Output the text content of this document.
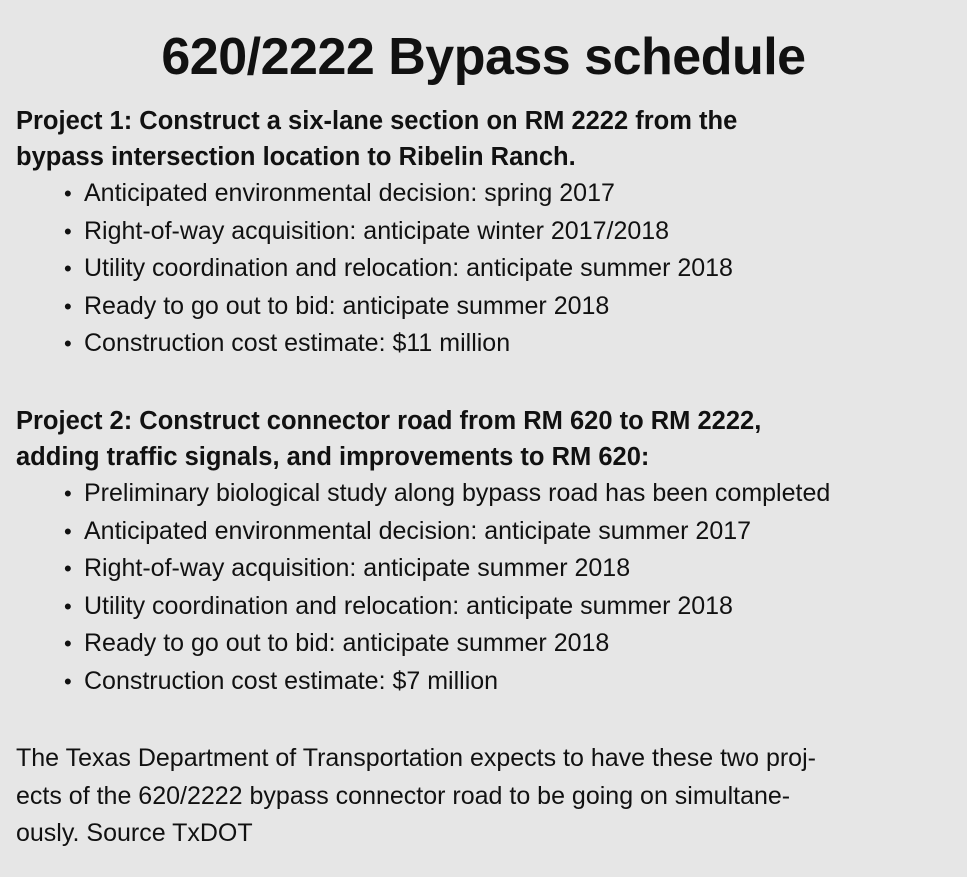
620/2222 Bypass schedule

Project 1: Construct a six-lane section on RM 2222 from the
bypass intersection location to Ribelin Ranch.

• Anticipated environmental decision: spring 2017
• Right-of-way acquisition: anticipate winter 2017/2018
• Utility coordination and relocation: anticipate summer 2018
• Ready to go out to bid: anticipate summer 2018
• Construction cost estimate: $11 million

Project 2: Construct connector road from RM 620 to RM 2222,
adding traffic signals, and improvements to RM 620:

• Preliminary biological study along bypass road has been completed
• Anticipated environmental decision: anticipate summer 2017
• Right-of-way acquisition: anticipate summer 2018
• Utility coordination and relocation: anticipate summer 2018
• Ready to go out to bid: anticipate summer 2018
• Construction cost estimate: $7 million

The Texas Department of Transportation expects to have these two proj-
ects of the 620/2222 bypass connector road to be going on simultane-
ously. Source TxDOT
